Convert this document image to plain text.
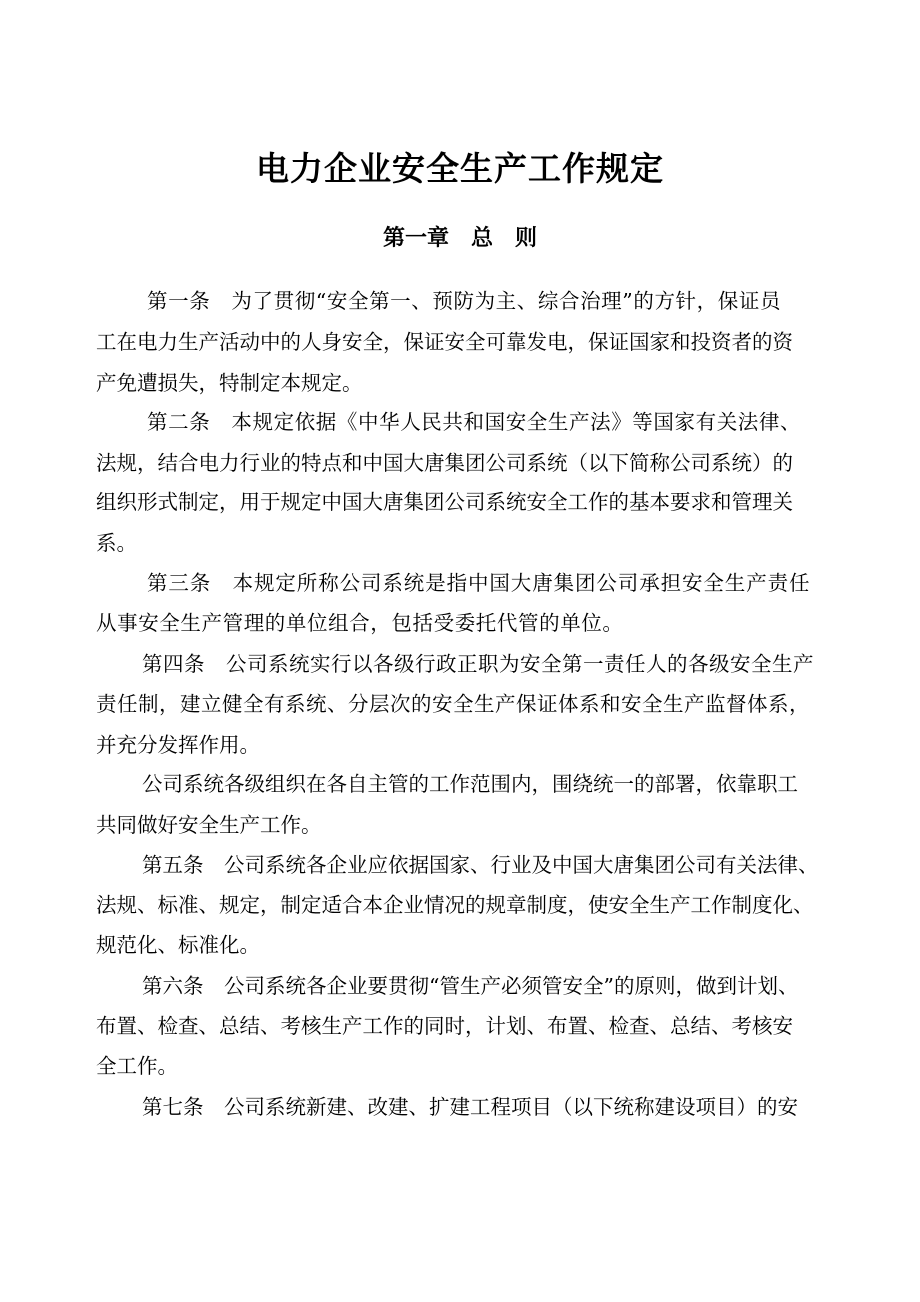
电力企业安全生产工作规定
第一章　总　则

第一条　为了贯彻“安全第一、预防为主、综合治理”的方针，保证员

工在电力生产活动中的人身安全，保证安全可靠发电，保证国家和投资者的资

产免遭损失，特制定本规定。

第二条　本规定依据《中华人民共和国安全生产法》等国家有关法律、

法规，结合电力行业的特点和中国大唐集团公司系统（以下简称公司系统）的

组织形式制定，用于规定中国大唐集团公司系统安全工作的基本要求和管理关

系。

第三条　本规定所称公司系统是指中国大唐集团公司承担安全生产责任

从事安全生产管理的单位组合，包括受委托代管的单位。

第四条　公司系统实行以各级行政正职为安全第一责任人的各级安全生产

责任制，建立健全有系统、分层次的安全生产保证体系和安全生产监督体系，

并充分发挥作用。

公司系统各级组织在各自主管的工作范围内，围绕统一的部署，依靠职工

共同做好安全生产工作。

第五条　公司系统各企业应依据国家、行业及中国大唐集团公司有关法律、

法规、标准、规定，制定适合本企业情况的规章制度，使安全生产工作制度化、

规范化、标准化。

第六条　公司系统各企业要贯彻“管生产必须管安全”的原则，做到计划、

布置、检查、总结、考核生产工作的同时，计划、布置、检查、总结、考核安

全工作。

第七条　公司系统新建、改建、扩建工程项目（以下统称建设项目）的安
